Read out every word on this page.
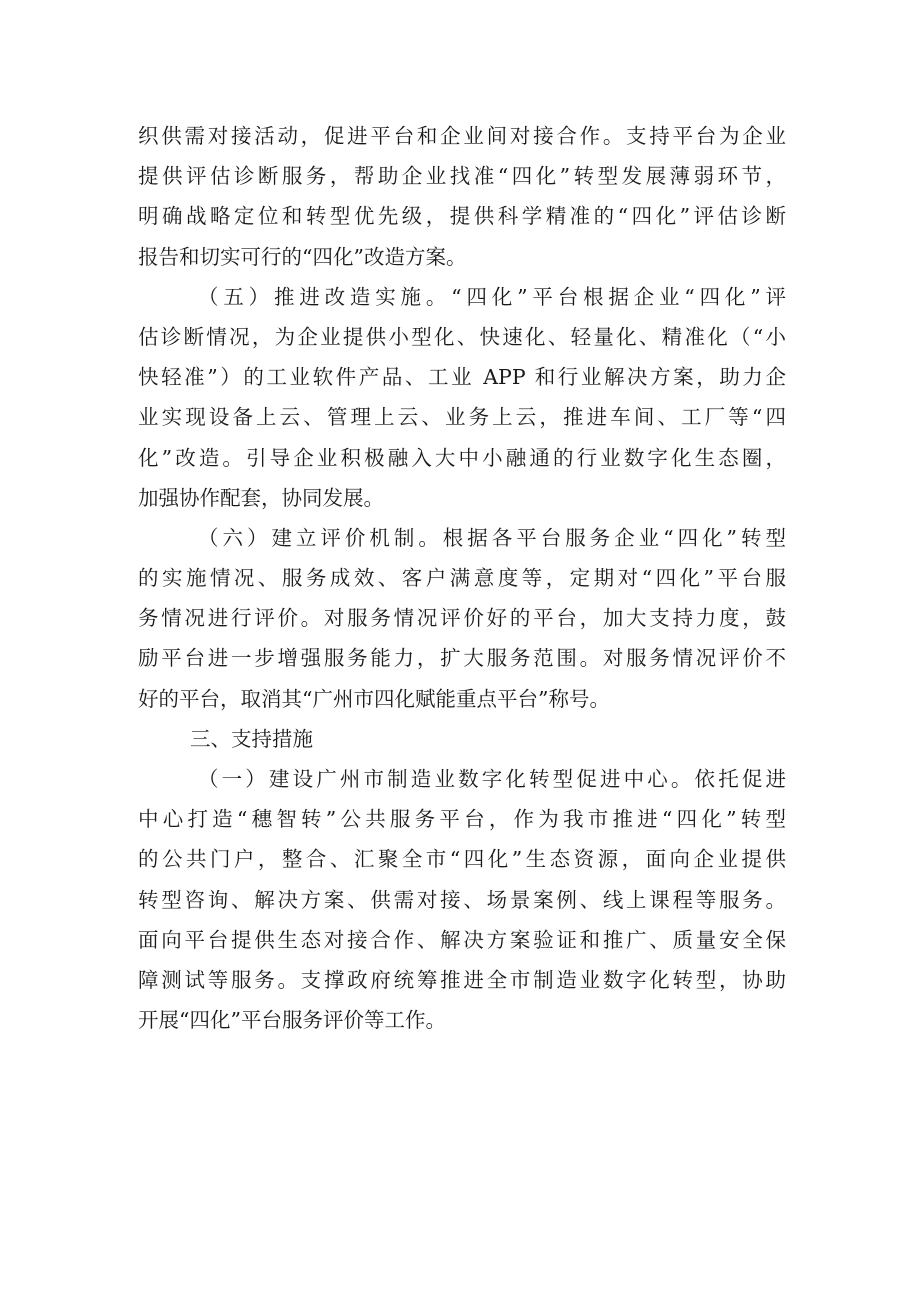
织供需对接活动，促进平台和企业间对接合作。支持平台为企业
提供评估诊断服务，帮助企业找准“四化”转型发展薄弱环节，
明确战略定位和转型优先级，提供科学精准的“四化”评估诊断
报告和切实可行的“四化”改造方案。
（五）推进改造实施。“四化”平台根据企业“四化”评
估诊断情况，为企业提供小型化、快速化、轻量化、精准化（“小
快轻准”）的工业软件产品、工业 APP 和行业解决方案，助力企
业实现设备上云、管理上云、业务上云，推进车间、工厂等“四
化”改造。引导企业积极融入大中小融通的行业数字化生态圈，
加强协作配套，协同发展。
（六）建立评价机制。根据各平台服务企业“四化”转型
的实施情况、服务成效、客户满意度等，定期对“四化”平台服
务情况进行评价。对服务情况评价好的平台，加大支持力度，鼓
励平台进一步增强服务能力，扩大服务范围。对服务情况评价不
好的平台，取消其“广州市四化赋能重点平台”称号。
三、支持措施
（一）建设广州市制造业数字化转型促进中心。依托促进
中心打造“穗智转”公共服务平台，作为我市推进“四化”转型
的公共门户，整合、汇聚全市“四化”生态资源，面向企业提供
转型咨询、解决方案、供需对接、场景案例、线上课程等服务。
面向平台提供生态对接合作、解决方案验证和推广、质量安全保
障测试等服务。支撑政府统筹推进全市制造业数字化转型，协助
开展“四化”平台服务评价等工作。
